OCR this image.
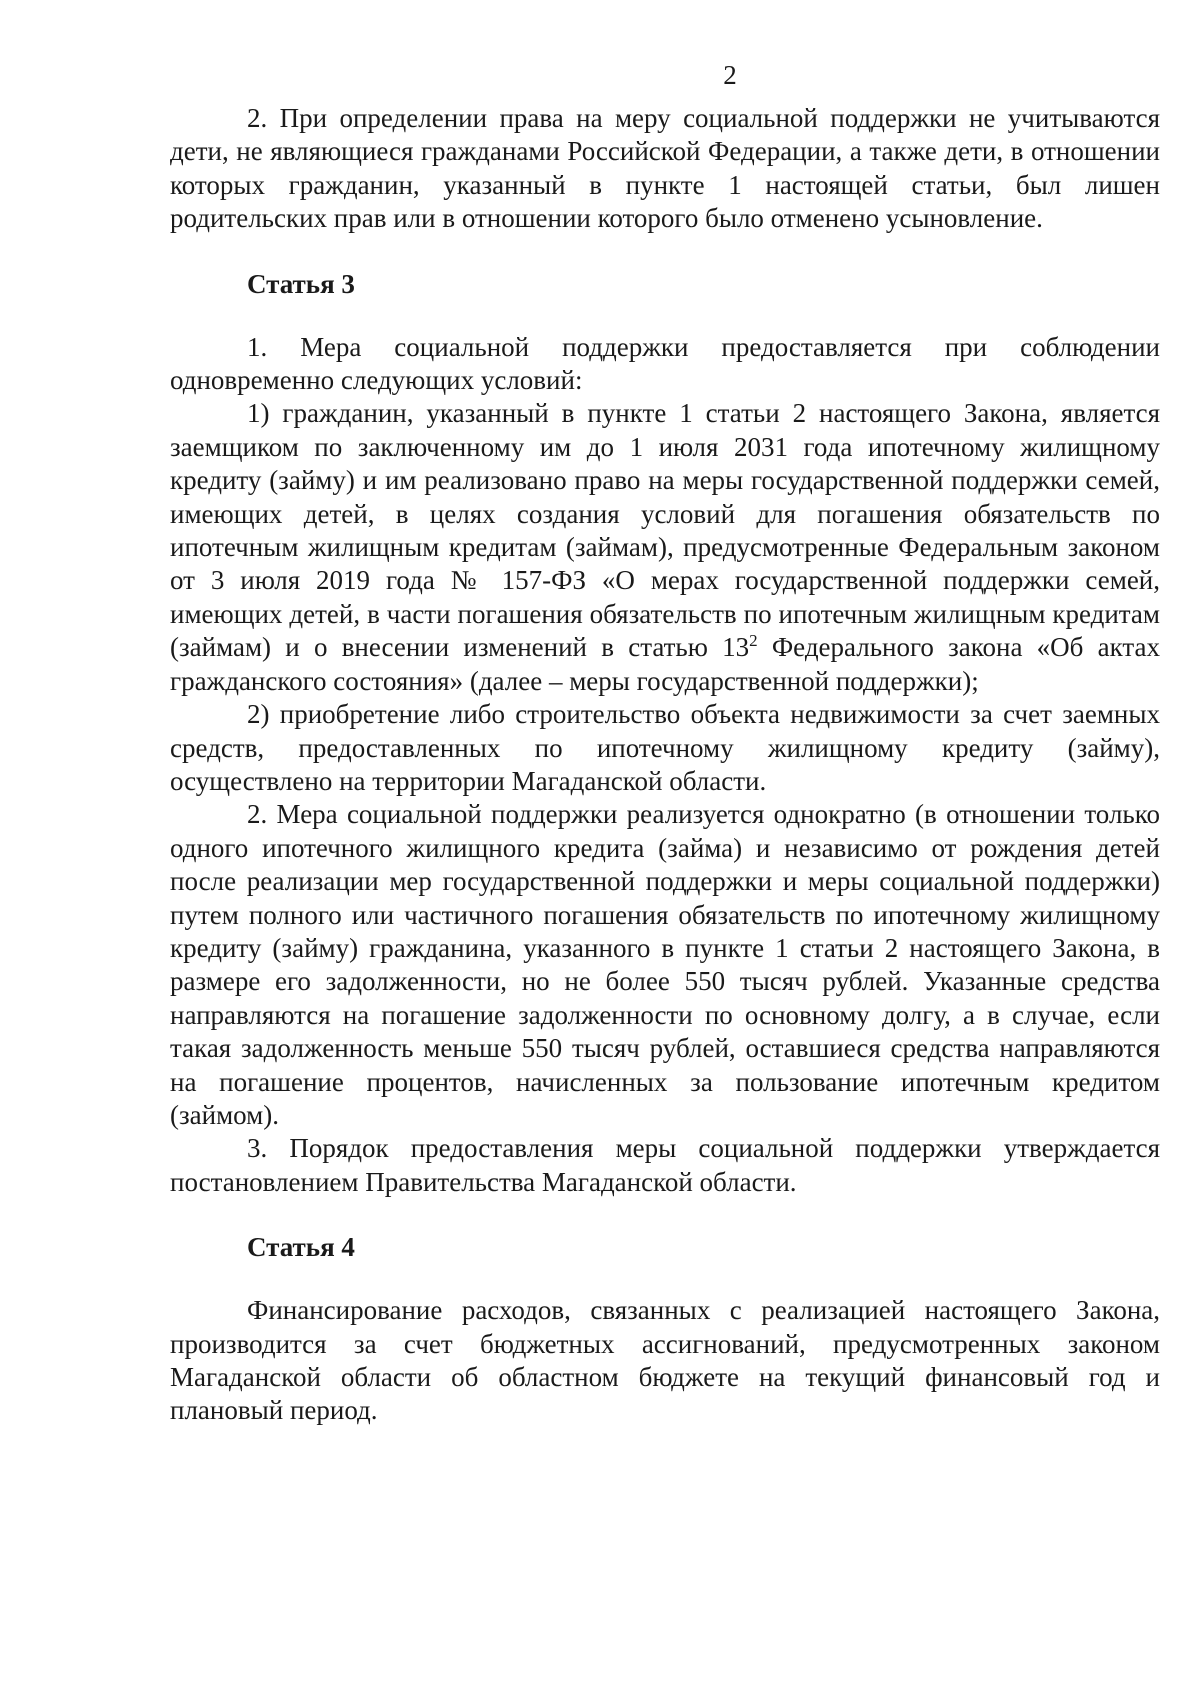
2

2. При определении права на меру социальной поддержки не учитываются дети, не являющиеся гражданами Российской Федерации, а также дети, в отношении которых гражданин, указанный в пункте 1 настоящей статьи, был лишен родительских прав или в отношении которого было отменено усыновление.

Статья 3

1. Мера социальной поддержки предоставляется при соблюдении одновременно следующих условий:

1) гражданин, указанный в пункте 1 статьи 2 настоящего Закона, является заемщиком по заключенному им до 1 июля 2031 года ипотечному жилищному кредиту (займу) и им реализовано право на меры государственной поддержки семей, имеющих детей, в целях создания условий для погашения обязательств по ипотечным жилищным кредитам (займам), предусмотренные Федеральным законом от 3 июля 2019 года № 157-ФЗ «О мерах государственной поддержки семей, имеющих детей, в части погашения обязательств по ипотечным жилищным кредитам (займам) и о внесении изменений в статью $13^2$ Федерального закона «Об актах гражданского состояния» (далее – меры государственной поддержки);

2) приобретение либо строительство объекта недвижимости за счет заемных средств, предоставленных по ипотечному жилищному кредиту (займу), осуществлено на территории Магаданской области.

2. Мера социальной поддержки реализуется однократно (в отношении только одного ипотечного жилищного кредита (займа) и независимо от рождения детей после реализации мер государственной поддержки и меры социальной поддержки) путем полного или частичного погашения обязательств по ипотечному жилищному кредиту (займу) гражданина, указанного в пункте 1 статьи 2 настоящего Закона, в размере его задолженности, но не более 550 тысяч рублей. Указанные средства направляются на погашение задолженности по основному долгу, а в случае, если такая задолженность меньше 550 тысяч рублей, оставшиеся средства направляются на погашение процентов, начисленных за пользование ипотечным кредитом (займом).

3. Порядок предоставления меры социальной поддержки утверждается постановлением Правительства Магаданской области.

Статья 4

Финансирование расходов, связанных с реализацией настоящего Закона, производится за счет бюджетных ассигнований, предусмотренных законом Магаданской области об областном бюджете на текущий финансовый год и плановый период.
